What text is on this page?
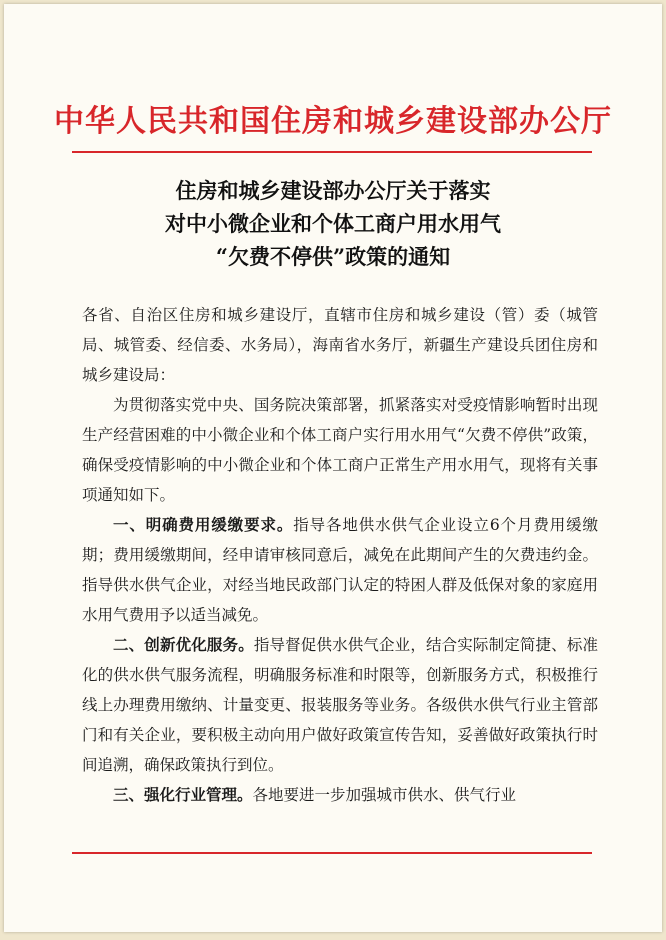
中华人民共和国住房和城乡建设部办公厅
住房和城乡建设部办公厅关于落实
对中小微企业和个体工商户用水用气
“欠费不停供”政策的通知

各省、自治区住房和城乡建设厅，直辖市住房和城乡建设（管）委（城管局、城管委、经信委、水务局），海南省水务厅，新疆生产建设兵团住房和城乡建设局：

为贯彻落实党中央、国务院决策部署，抓紧落实对受疫情影响暂时出现生产经营困难的中小微企业和个体工商户实行用水用气“欠费不停供”政策，确保受疫情影响的中小微企业和个体工商户正常生产用水用气，现将有关事项通知如下。

一、明确费用缓缴要求。指导各地供水供气企业设立6个月费用缓缴期；费用缓缴期间，经申请审核同意后，减免在此期间产生的欠费违约金。指导供水供气企业，对经当地民政部门认定的特困人群及低保对象的家庭用水用气费用予以适当减免。

二、创新优化服务。指导督促供水供气企业，结合实际制定简捷、标准化的供水供气服务流程，明确服务标准和时限等，创新服务方式，积极推行线上办理费用缴纳、计量变更、报装服务等业务。各级供水供气行业主管部门和有关企业，要积极主动向用户做好政策宣传告知，妥善做好政策执行时间追溯，确保政策执行到位。

三、强化行业管理。各地要进一步加强城市供水、供气行业
